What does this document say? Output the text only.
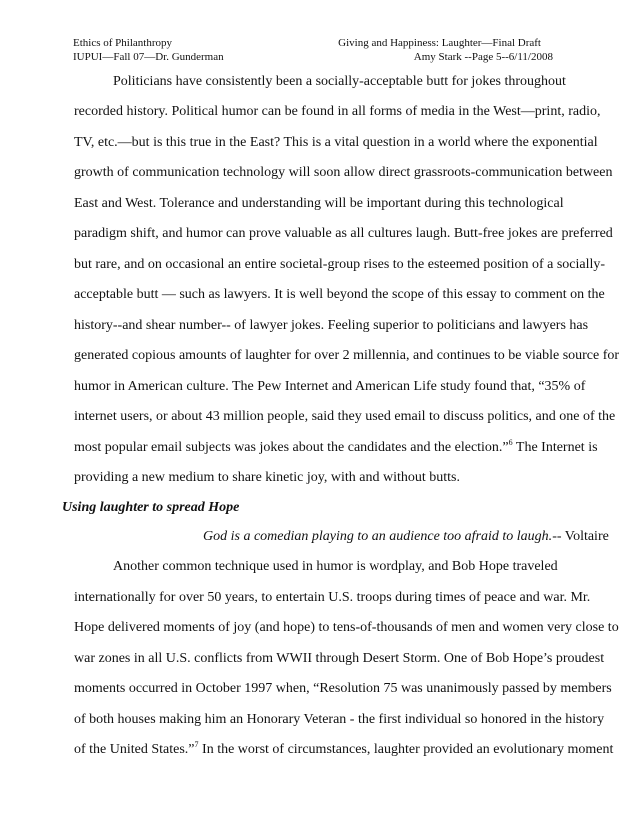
Ethics of Philanthropy	Giving and Happiness: Laughter—Final Draft
IUPUI—Fall 07—Dr. Gunderman	Amy Stark --Page 5--6/11/2008
Politicians have consistently been a socially-acceptable butt for jokes throughout
recorded history. Political humor can be found in all forms of media in the West—print, radio,
TV, etc.—but is this true in the East? This is a vital question in a world where the exponential
growth of communication technology will soon allow direct grassroots-communication between
East and West. Tolerance and understanding will be important during this technological
paradigm shift, and humor can prove valuable as all cultures laugh. Butt-free jokes are preferred
but rare, and on occasional an entire societal-group rises to the esteemed position of a socially-
acceptable butt — such as lawyers. It is well beyond the scope of this essay to comment on the
history--and shear number-- of lawyer jokes. Feeling superior to politicians and lawyers has
generated copious amounts of laughter for over 2 millennia, and continues to be viable source for
humor in American culture. The Pew Internet and American Life study found that, “35% of
internet users, or about 43 million people, said they used email to discuss politics, and one of the
most popular email subjects was jokes about the candidates and the election.”$^6$ The Internet is
providing a new medium to share kinetic joy, with and without butts.
Using laughter to spread Hope
God is a comedian playing to an audience too afraid to laugh.-- Voltaire
Another common technique used in humor is wordplay, and Bob Hope traveled
internationally for over 50 years, to entertain U.S. troops during times of peace and war. Mr.
Hope delivered moments of joy (and hope) to tens-of-thousands of men and women very close to
war zones in all U.S. conflicts from WWII through Desert Storm. One of Bob Hope’s proudest
moments occurred in October 1997 when, “Resolution 75 was unanimously passed by members
of both houses making him an Honorary Veteran - the first individual so honored in the history
of the United States.”$^7$ In the worst of circumstances, laughter provided an evolutionary moment
